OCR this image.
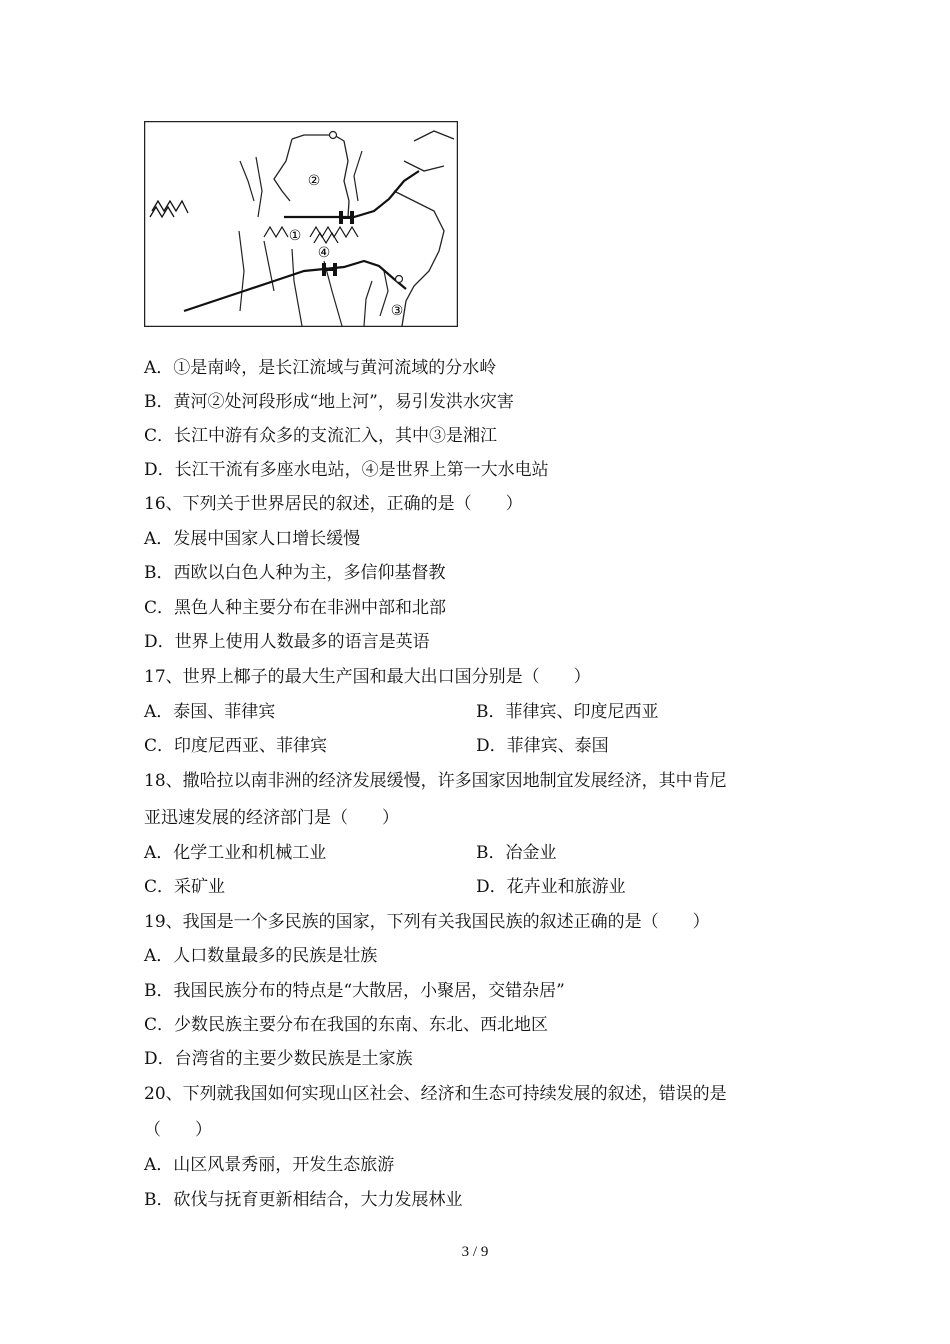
②
①
④
③
A．①是南岭，是长江流域与黄河流域的分水岭
B．黄河②处河段形成“地上河”，易引发洪水灾害
C．长江中游有众多的支流汇入，其中③是湘江
D．长江干流有多座水电站，④是世界上第一大水电站
16、下列关于世界居民的叙述，正确的是（　　）
A．发展中国家人口增长缓慢
B．西欧以白色人种为主，多信仰基督教
C．黑色人种主要分布在非洲中部和北部
D．世界上使用人数最多的语言是英语
17、世界上椰子的最大生产国和最大出口国分别是（　　）
A．泰国、菲律宾	B．菲律宾、印度尼西亚
C．印度尼西亚、菲律宾	D．菲律宾、泰国
18、撒哈拉以南非洲的经济发展缓慢，许多国家因地制宜发展经济，其中肯尼
亚迅速发展的经济部门是（　　）
A．化学工业和机械工业	B．冶金业
C．采矿业	D．花卉业和旅游业
19、我国是一个多民族的国家，下列有关我国民族的叙述正确的是（　　）
A．人口数量最多的民族是壮族
B．我国民族分布的特点是“大散居，小聚居，交错杂居”
C．少数民族主要分布在我国的东南、东北、西北地区
D．台湾省的主要少数民族是土家族
20、下列就我国如何实现山区社会、经济和生态可持续发展的叙述，错误的是
（　　）
A．山区风景秀丽，开发生态旅游
B．砍伐与抚育更新相结合，大力发展林业
3 / 9
